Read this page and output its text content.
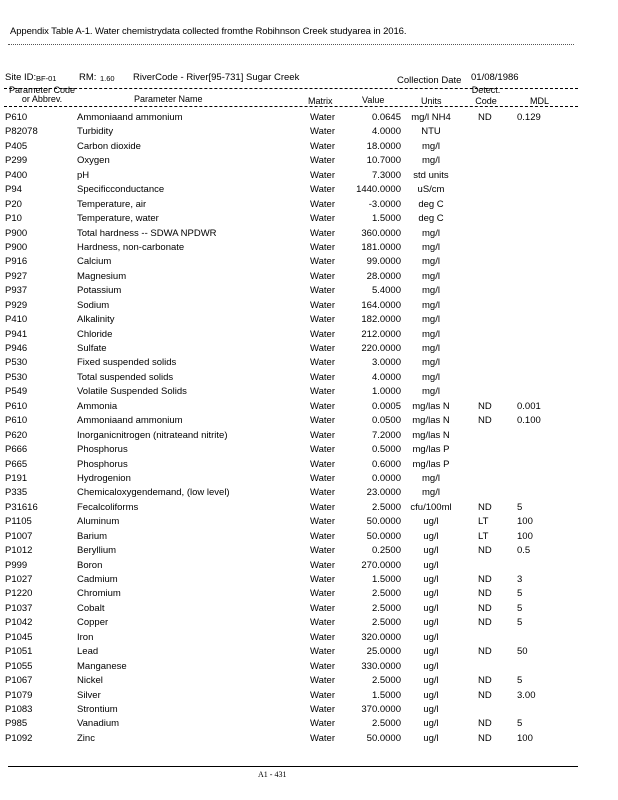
Appendix Table A-1. Water chemistrydata collected fromthe Robihnson Creek studyarea in 2016.
Site ID: BF-01 RM: 1.60 RiverCode - River[95-731] Sugar Creek	Collection Date 01/08/1986
Parameter Code
or Abbrev.	Parameter Name	Matrix	Value	Units
Detect.
Code	MDL
P610	Ammoniaand ammonium	Water	0.0645	mg/l NH4	ND	0.129
P82078	Turbidity	Water	4.0000	NTU
P405	Carbon dioxide	Water	18.0000	mg/l
P299	Oxygen	Water	10.7000	mg/l
P400	pH	Water	7.3000	std units
P94	Specificconductance	Water	1440.0000	uS/cm
P20	Temperature, air	Water	-3.0000	deg C
P10	Temperature, water	Water	1.5000	deg C
P900	Total hardness -- SDWA NPDWR	Water	360.0000	mg/l
P900	Hardness, non-carbonate	Water	181.0000	mg/l
P916	Calcium	Water	99.0000	mg/l
P927	Magnesium	Water	28.0000	mg/l
P937	Potassium	Water	5.4000	mg/l
P929	Sodium	Water	164.0000	mg/l
P410	Alkalinity	Water	182.0000	mg/l
P941	Chloride	Water	212.0000	mg/l
P946	Sulfate	Water	220.0000	mg/l
P530	Fixed suspended solids	Water	3.0000	mg/l
P530	Total suspended solids	Water	4.0000	mg/l
P549	Volatile Suspended Solids	Water	1.0000	mg/l
P610	Ammonia	Water	0.0005	mg/las N	ND	0.001
P610	Ammoniaand ammonium	Water	0.0500	mg/las N	ND	0.100
P620	Inorganicnitrogen (nitrateand nitrite)	Water	7.2000	mg/las N
P666	Phosphorus	Water	0.5000	mg/las P
P665	Phosphorus	Water	0.6000	mg/las P
P191	Hydrogenion	Water	0.0000	mg/l
P335	Chemicaloxygendemand, (low level)	Water	23.0000	mg/l
P31616	Fecalcoliforms	Water	2.5000 cfu/100ml	ND	5
P1105	Aluminum	Water	50.0000	ug/l	LT	100
P1007	Barium	Water	50.0000	ug/l	LT	100
P1012	Beryllium	Water	0.2500	ug/l	ND	0.5
P999	Boron	Water	270.0000	ug/l
P1027	Cadmium	Water	1.5000	ug/l	ND	3
P1220	Chromium	Water	2.5000	ug/l	ND	5
P1037	Cobalt	Water	2.5000	ug/l	ND	5
P1042	Copper	Water	2.5000	ug/l	ND	5
P1045	Iron	Water	320.0000	ug/l
P1051	Lead	Water	25.0000	ug/l	ND	50
P1055	Manganese	Water	330.0000	ug/l
P1067	Nickel	Water	2.5000	ug/l	ND	5
P1079	Silver	Water	1.5000	ug/l	ND	3.00
P1083	Strontium	Water	370.0000	ug/l
P985	Vanadium	Water	2.5000	ug/l	ND	5
P1092	Zinc	Water	50.0000	ug/l	ND	100
A1 - 431
